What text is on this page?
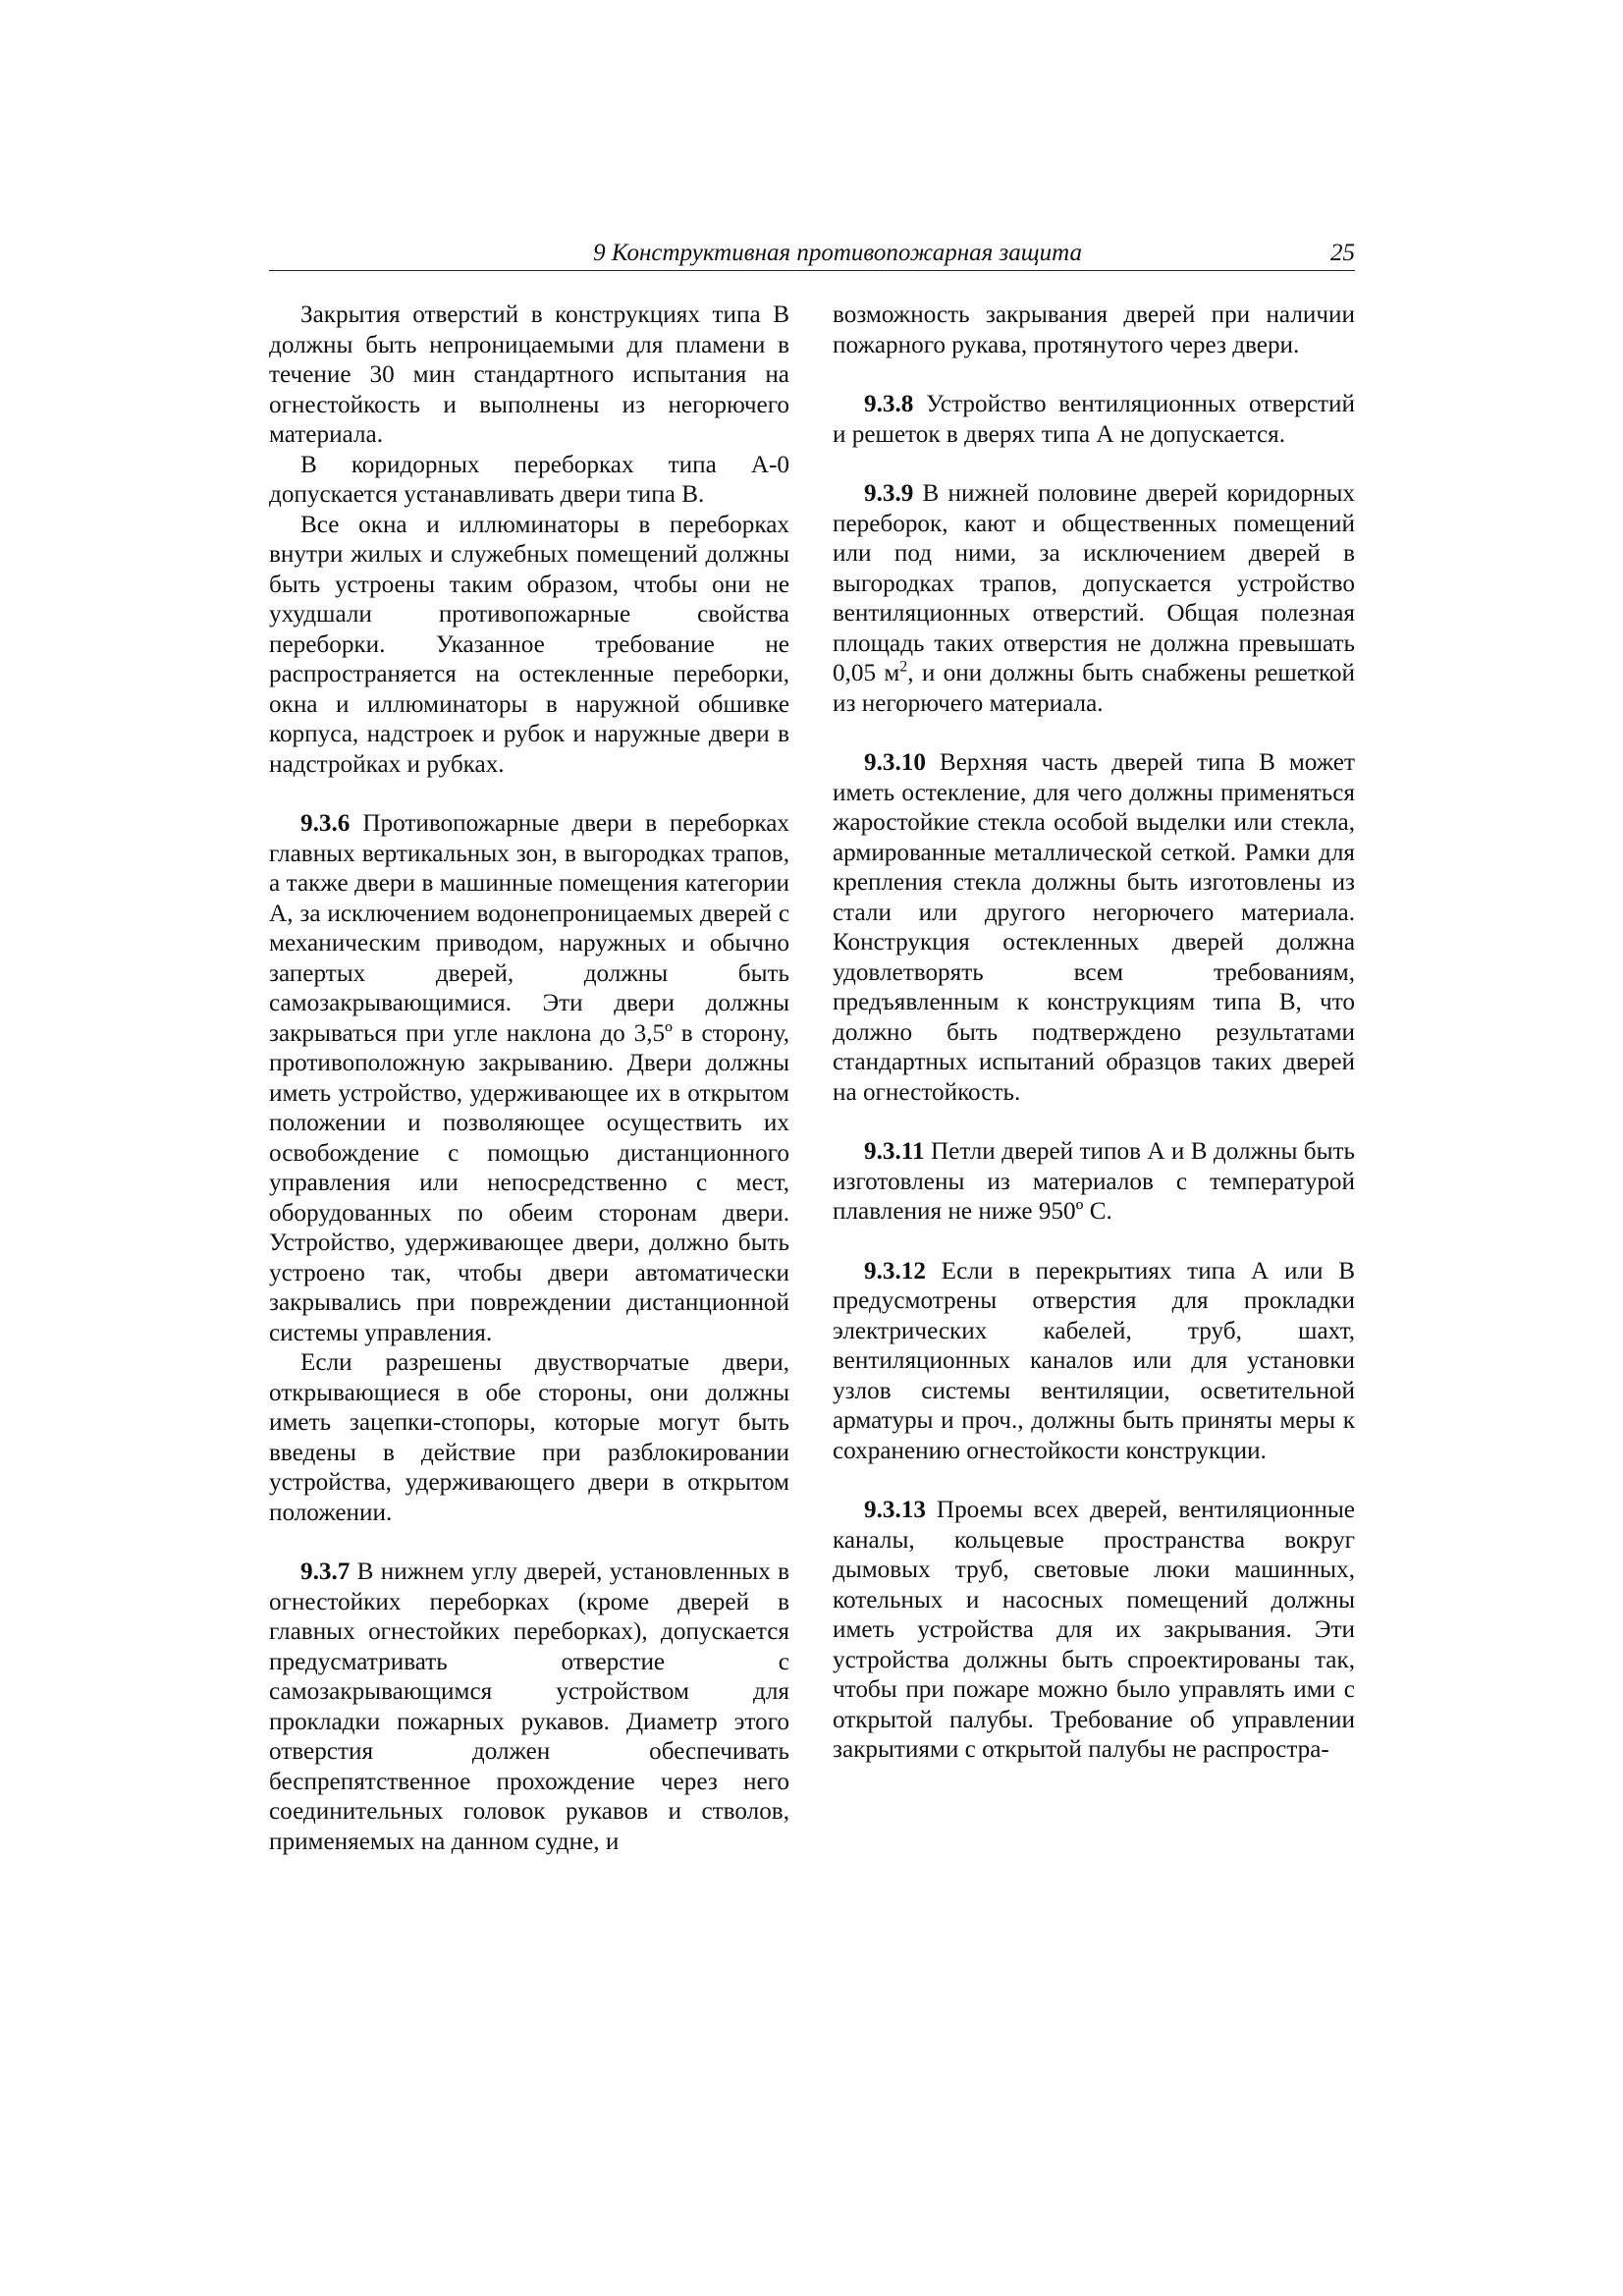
9 Конструктивная противопожарная защита	25

Закрытия отверстий в конструкциях типа В должны быть непроницаемыми для пламени в течение 30 мин стандартного испытания на огнестойкость и выполнены из негорючего материала.

В коридорных переборках типа А-0 допускается устанавливать двери типа В.

Все окна и иллюминаторы в переборках внутри жилых и служебных помещений должны быть устроены таким образом, чтобы они не ухудшали противопожарные свойства переборки. Указанное требование не распространяется на остекленные переборки, окна и иллюминаторы в наружной обшивке корпуса, надстроек и рубок и наружные двери в надстройках и рубках.

9.3.6 Противопожарные двери в переборках главных вертикальных зон, в выгородках трапов, а также двери в машинные помещения категории А, за исключением водонепроницаемых дверей с механическим приводом, наружных и обычно запертых дверей, должны быть самозакрывающимися. Эти двери должны закрываться при угле наклона до 3,5º в сторону, противоположную закрыванию. Двери должны иметь устройство, удерживающее их в открытом положении и позволяющее осуществить их освобождение с помощью дистанционного управления или непосредственно с мест, оборудованных по обеим сторонам двери. Устройство, удерживающее двери, должно быть устроено так, чтобы двери автоматически закрывались при повреждении дистанционной системы управления.

Если разрешены двустворчатые двери, открывающиеся в обе стороны, они должны иметь зацепки-стопоры, которые могут быть введены в действие при разблокировании устройства, удерживающего двери в открытом положении.

9.3.7 В нижнем углу дверей, установленных в огнестойких переборках (кроме дверей в главных огнестойких переборках), допускается предусматривать отверстие с самозакрывающимся устройством для прокладки пожарных рукавов. Диаметр этого отверстия должен обеспечивать беспрепятственное прохождение через него соединительных головок рукавов и стволов, применяемых на данном судне, и

возможность закрывания дверей при наличии пожарного рукава, протянутого через двери.

9.3.8 Устройство вентиляционных отверстий и решеток в дверях типа А не допускается.

9.3.9 В нижней половине дверей коридорных переборок, кают и общественных помещений или под ними, за исключением дверей в выгородках трапов, допускается устройство вентиляционных отверстий. Общая полезная площадь таких отверстия не должна превышать 0,05 $м^2$, и они должны быть снабжены решеткой из негорючего материала.

9.3.10 Верхняя часть дверей типа В может иметь остекление, для чего должны применяться жаростойкие стекла особой выделки или стекла, армированные металлической сеткой. Рамки для крепления стекла должны быть изготовлены из стали или другого негорючего материала. Конструкция остекленных дверей должна удовлетворять всем требованиям, предъявленным к конструкциям типа В, что должно быть подтверждено результатами стандартных испытаний образцов таких дверей на огнестойкость.

9.3.11 Петли дверей типов А и В должны быть изготовлены из материалов с температурой плавления не ниже 950º С.

9.3.12 Если в перекрытиях типа А или В предусмотрены отверстия для прокладки электрических кабелей, труб, шахт, вентиляционных каналов или для установки узлов системы вентиляции, осветительной арматуры и проч., должны быть приняты меры к сохранению огнестойкости конструкции.

9.3.13 Проемы всех дверей, вентиляционные каналы, кольцевые пространства вокруг дымовых труб, световые люки машинных, котельных и насосных помещений должны иметь устройства для их закрывания. Эти устройства должны быть спроектированы так, чтобы при пожаре можно было управлять ими с открытой палубы. Требование об управлении закрытиями с открытой палубы не распростра-
